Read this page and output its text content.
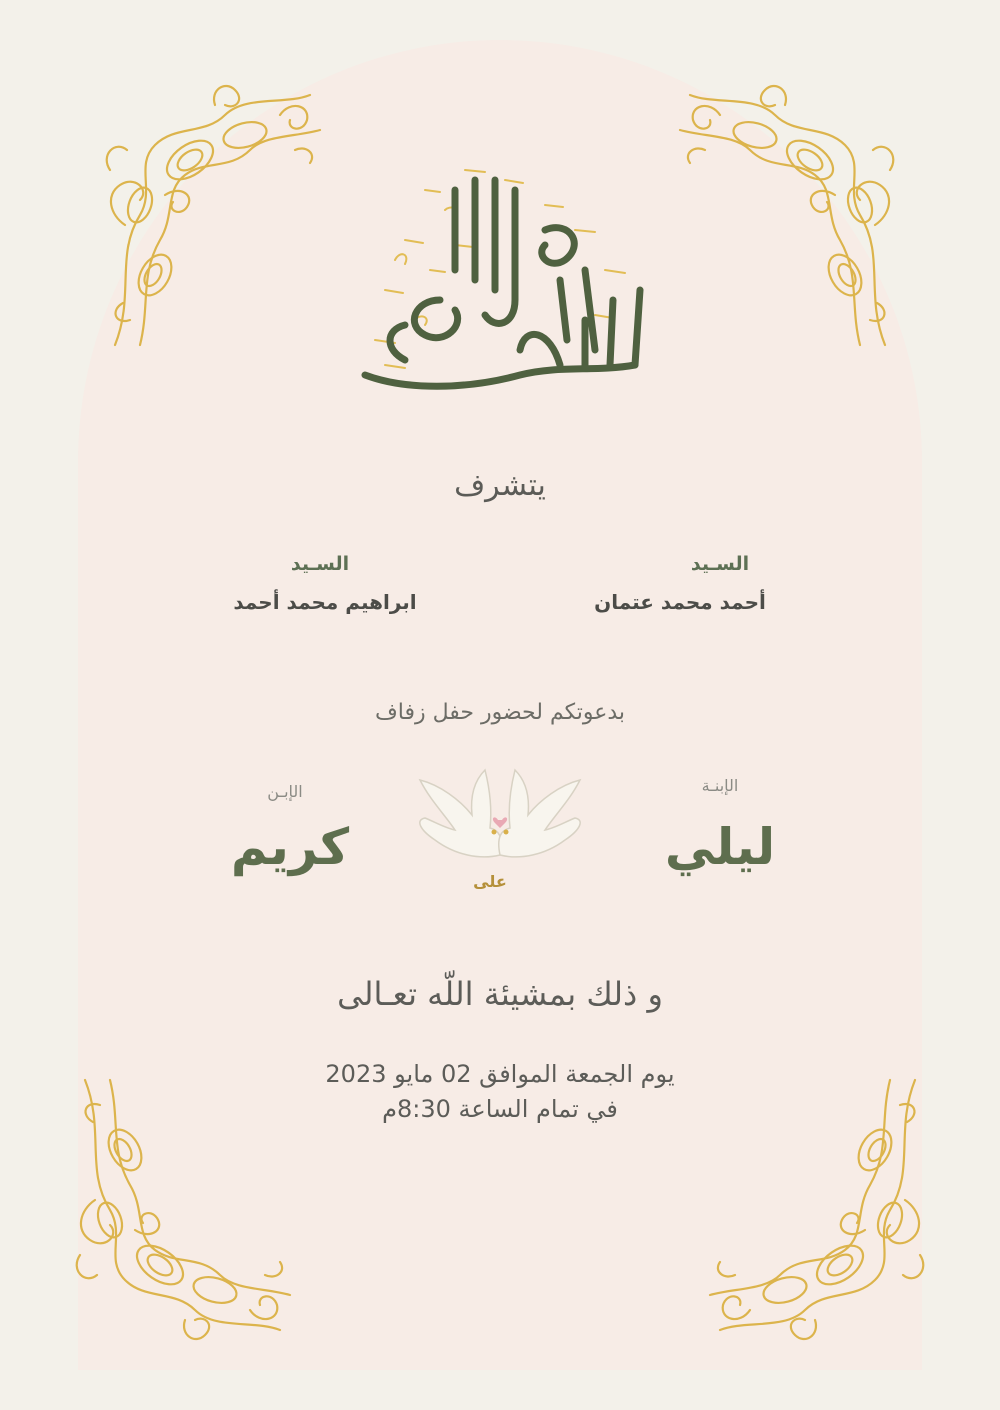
يتشرف
السـيد
أحمد محمد عتمان
السـيد
ابراهيم محمد أحمد
بدعوتكم لحضور حفل زفاف
الإبنـة
ليلي
الإبـن
كريم
على
و ذلك بمشيئة اللّه تعـالى
يوم الجمعة الموافق 02 مايو 2023
في تمام الساعة 8:30م
